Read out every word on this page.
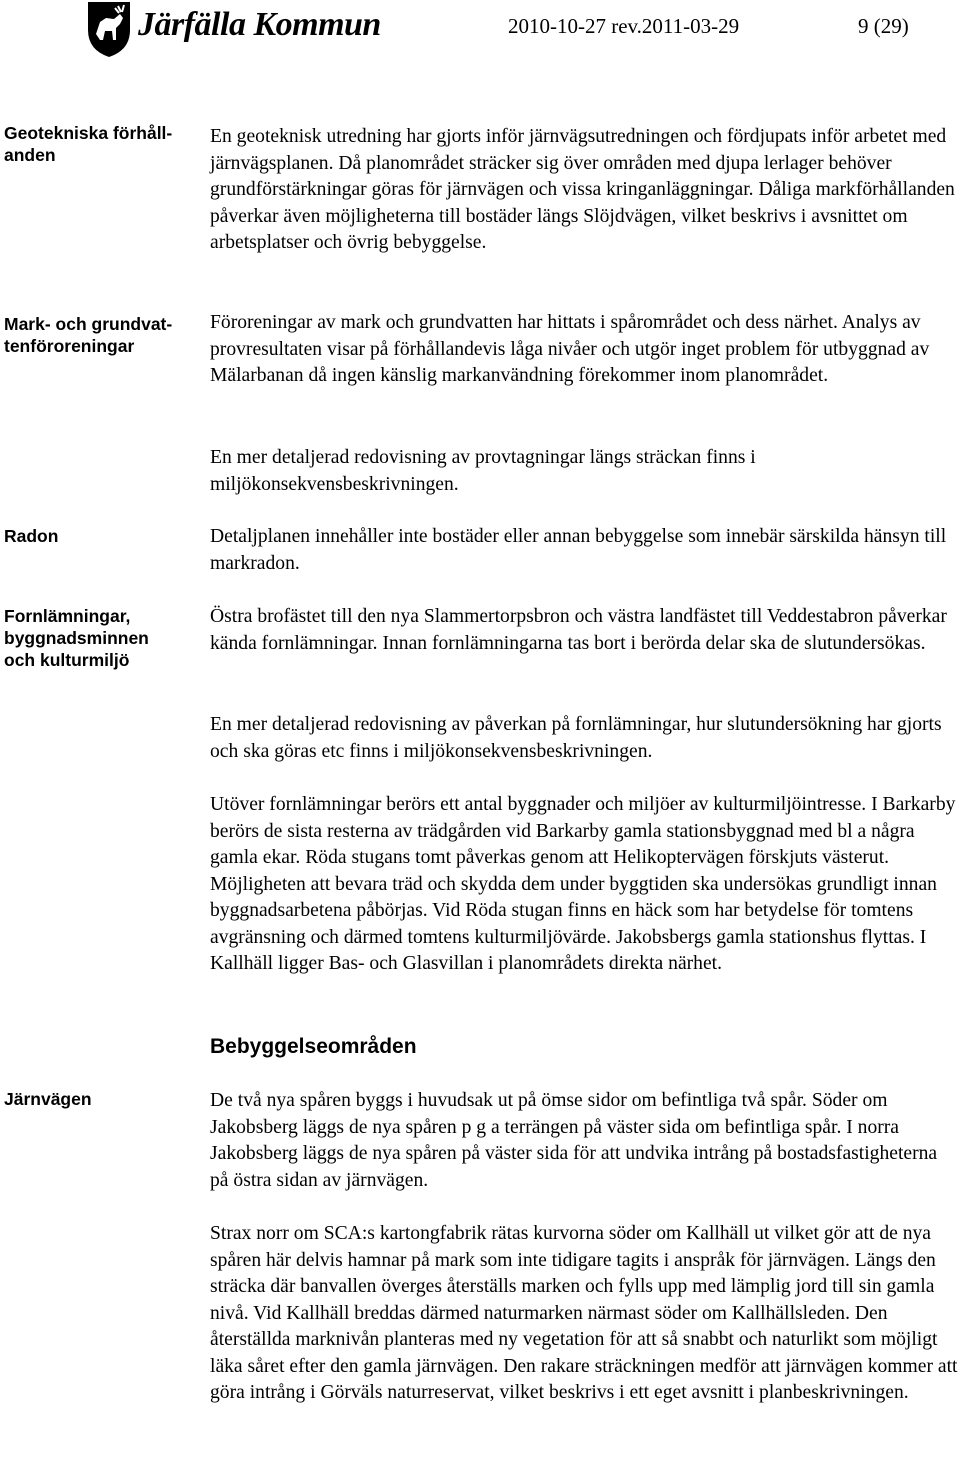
Järfälla Kommun	2010-10-27 rev.2011-03-29	9 (29)
Geotekniska förhåll-
anden
Mark- och grundvat-
tenföroreningar
Radon
Fornlämningar,
byggnadsminnen
och kulturmiljö
Järnvägen
En geoteknisk utredning har gjorts inför järnvägsutredningen och fördjupats inför arbetet med järnvägsplanen. Då planområdet sträcker sig över områden med djupa lerlager behöver grundförstärkningar göras för järnvägen och vissa kringanläggningar. Dåliga markförhållanden påverkar även möjligheterna till bostäder längs Slöjdvägen, vilket beskrivs i avsnittet om arbetsplatser och övrig bebyggelse.
Föroreningar av mark och grundvatten har hittats i spårområdet och dess närhet. Analys av provresultaten visar på förhållandevis låga nivåer och utgör inget problem för utbyggnad av Mälarbanan då ingen känslig markanvändning förekommer inom planområdet.
En mer detaljerad redovisning av provtagningar längs sträckan finns i miljökonsekvensbeskrivningen.
Detaljplanen innehåller inte bostäder eller annan bebyggelse som innebär särskilda hänsyn till markradon.
Östra brofästet till den nya Slammertorpsbron och västra landfästet till Veddestabron påverkar kända fornlämningar. Innan fornlämningarna tas bort i berörda delar ska de slutundersökas.
En mer detaljerad redovisning av påverkan på fornlämningar, hur slutundersökning har gjorts och ska göras etc finns i miljökonsekvensbeskrivningen.
Utöver fornlämningar berörs ett antal byggnader och miljöer av kulturmiljöintresse. I Barkarby berörs de sista resterna av trädgården vid Barkarby gamla stationsbyggnad med bl a några gamla ekar. Röda stugans tomt påverkas genom att Helikoptervägen förskjuts västerut. Möjligheten att bevara träd och skydda dem under byggtiden ska undersökas grundligt innan byggnadsarbetena påbörjas. Vid Röda stugan finns en häck som har betydelse för tomtens avgränsning och därmed tomtens kulturmiljövärde. Jakobsbergs gamla stationshus flyttas. I Kallhäll ligger Bas- och Glasvillan i planområdets direkta närhet.
Bebyggelseområden
De två nya spåren byggs i huvudsak ut på ömse sidor om befintliga två spår. Söder om Jakobsberg läggs de nya spåren p g a terrängen på väster sida om befintliga spår. I norra Jakobsberg läggs de nya spåren på väster sida för att undvika intrång på bostadsfastigheterna på östra sidan av järnvägen.
Strax norr om SCA:s kartongfabrik rätas kurvorna söder om Kallhäll ut vilket gör att de nya spåren här delvis hamnar på mark som inte tidigare tagits i anspråk för järnvägen. Längs den sträcka där banvallen överges återställs marken och fylls upp med lämplig jord till sin gamla nivå. Vid Kallhäll breddas därmed naturmarken närmast söder om Kallhällsleden. Den återställda marknivån planteras med ny vegetation för att så snabbt och naturlikt som möjligt läka såret efter den gamla järnvägen. Den rakare sträckningen medför att järnvägen kommer att göra intrång i Görväls naturreservat, vilket beskrivs i ett eget avsnitt i planbeskrivningen.
